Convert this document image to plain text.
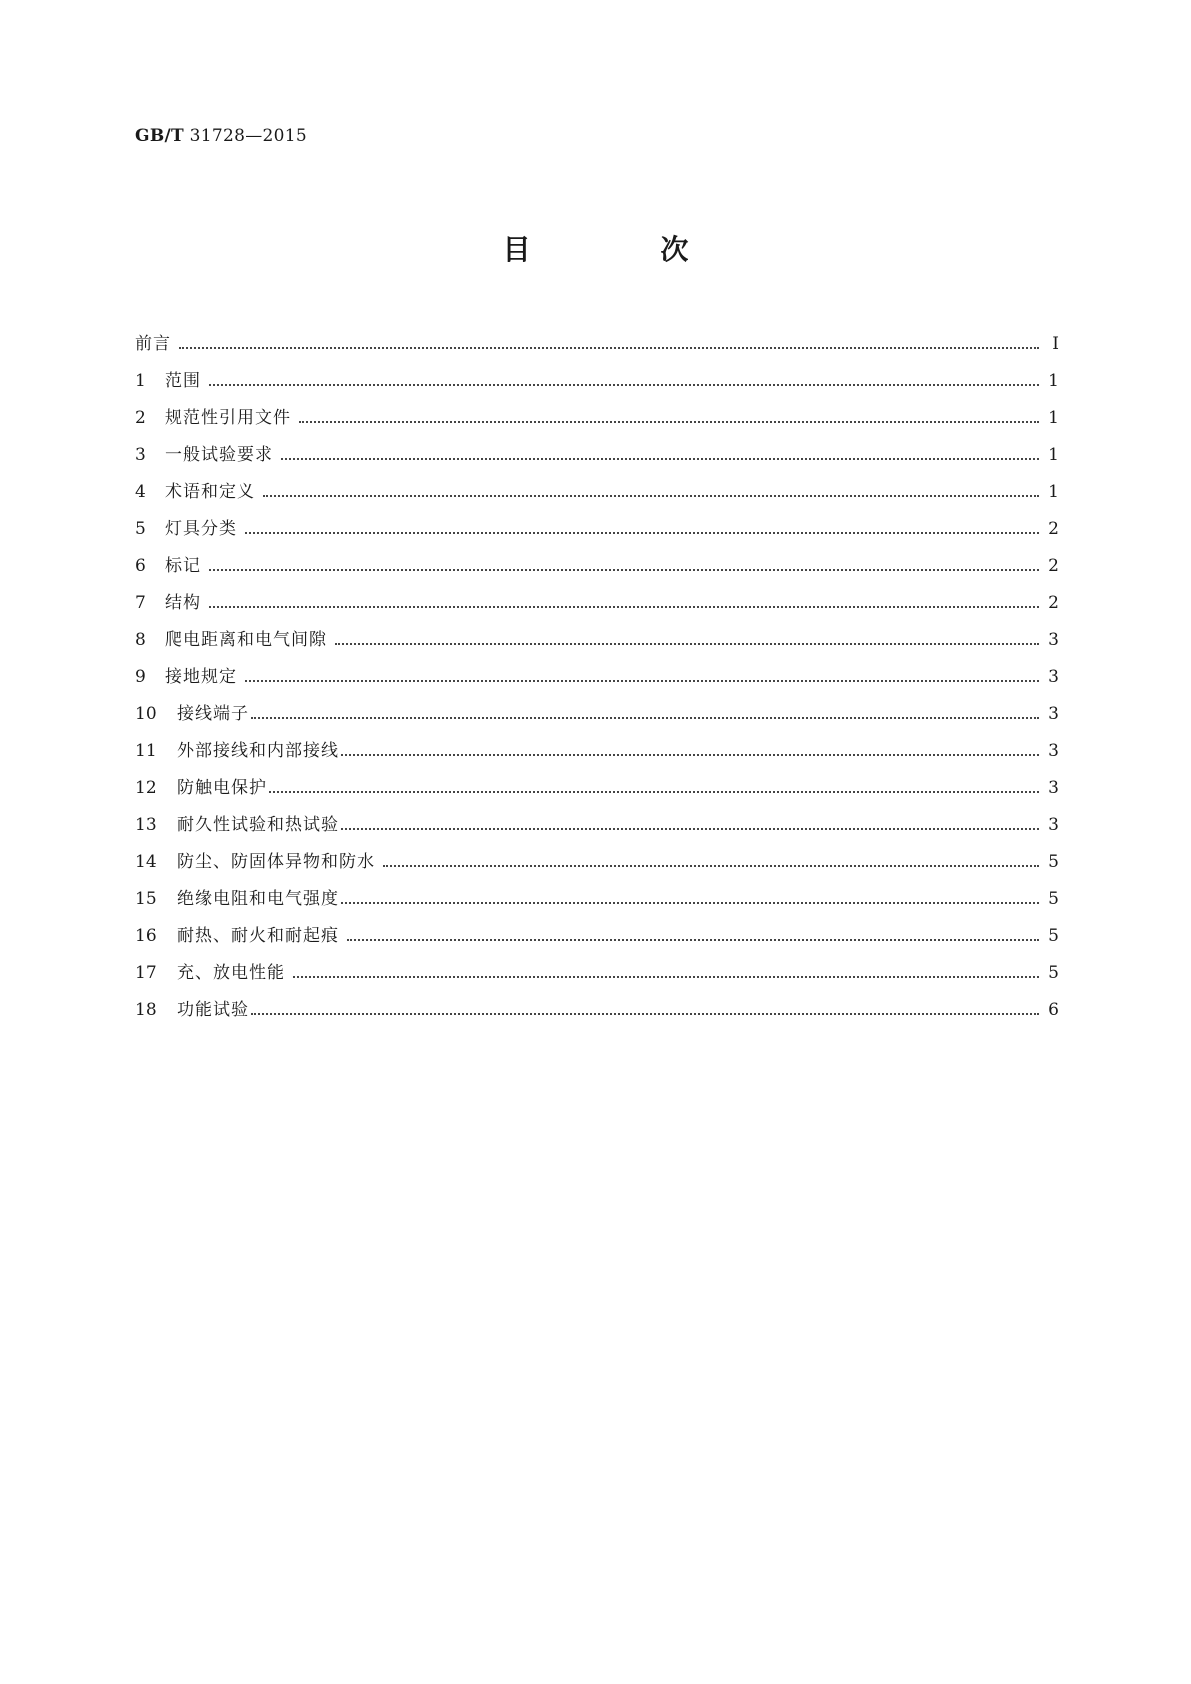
GB/T 31728—2015
目 次
前言	Ⅰ
1	范围	1
2	规范性引用文件	1
3	一般试验要求	1
4	术语和定义	1
5	灯具分类	2
6	标记	2
7	结构	2
8	爬电距离和电气间隙	3
9	接地规定	3
10	接线端子	3
11	外部接线和内部接线	3
12	防触电保护	3
13	耐久性试验和热试验	3
14	防尘、防固体异物和防水	5
15	绝缘电阻和电气强度	5
16	耐热、耐火和耐起痕	5
17	充、放电性能	5
18	功能试验	6
